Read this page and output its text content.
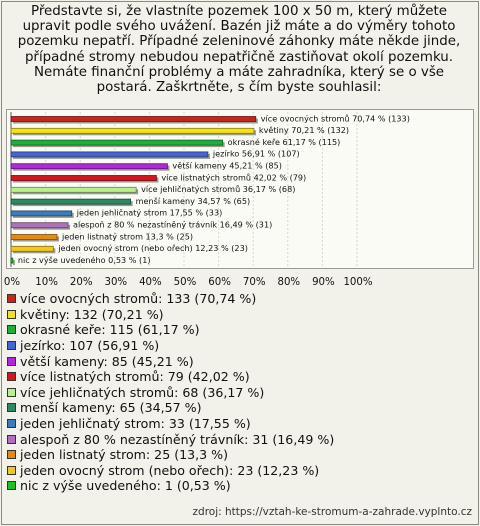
Představte si, že vlastníte pozemek 100 x 50 m, který můžete upravit podle svého uvážení. Bazén již máte a do výměry tohoto pozemku nepatří. Případné zeleninové záhonky máte někde jinde, případné stromy nebudou nepatřičně zastiňovat okolí pozemku. Nemáte finanční problémy a máte zahradníka, který se o vše postará. Zaškrtněte, s čím byste souhlasil:
více ovocných stromů 70,74 % (133)
květiny 70,21 % (132)
okrasné keře 61,17 % (115)
jezírko 56,91 % (107)
větší kameny 45,21 % (85)
více listnatých stromů 42,02 % (79)
více jehličnatých stromů 36,17 % (68)
menší kameny 34,57 % (65)
jeden jehličnatý strom 17,55 % (33)
alespoň z 80 % nezastíněný trávník 16,49 % (31)
jeden listnatý strom 13,3 % (25)
jeden ovocný strom (nebo ořech) 12,23 % (23)
nic z výše uvedeného 0,53 % (1)
0% 10% 20% 30% 40% 50% 60% 70% 80% 90% 100%
více ovocných stromů: 133 (70,74 %)
květiny: 132 (70,21 %)
okrasné keře: 115 (61,17 %)
jezírko: 107 (56,91 %)
větší kameny: 85 (45,21 %)
více listnatých stromů: 79 (42,02 %)
více jehličnatých stromů: 68 (36,17 %)
menší kameny: 65 (34,57 %)
jeden jehličnatý strom: 33 (17,55 %)
alespoň z 80 % nezastíněný trávník: 31 (16,49 %)
jeden listnatý strom: 25 (13,3 %)
jeden ovocný strom (nebo ořech): 23 (12,23 %)
nic z výše uvedeného: 1 (0,53 %)
zdroj: https://vztah-ke-stromum-a-zahrade.vyplnto.cz
